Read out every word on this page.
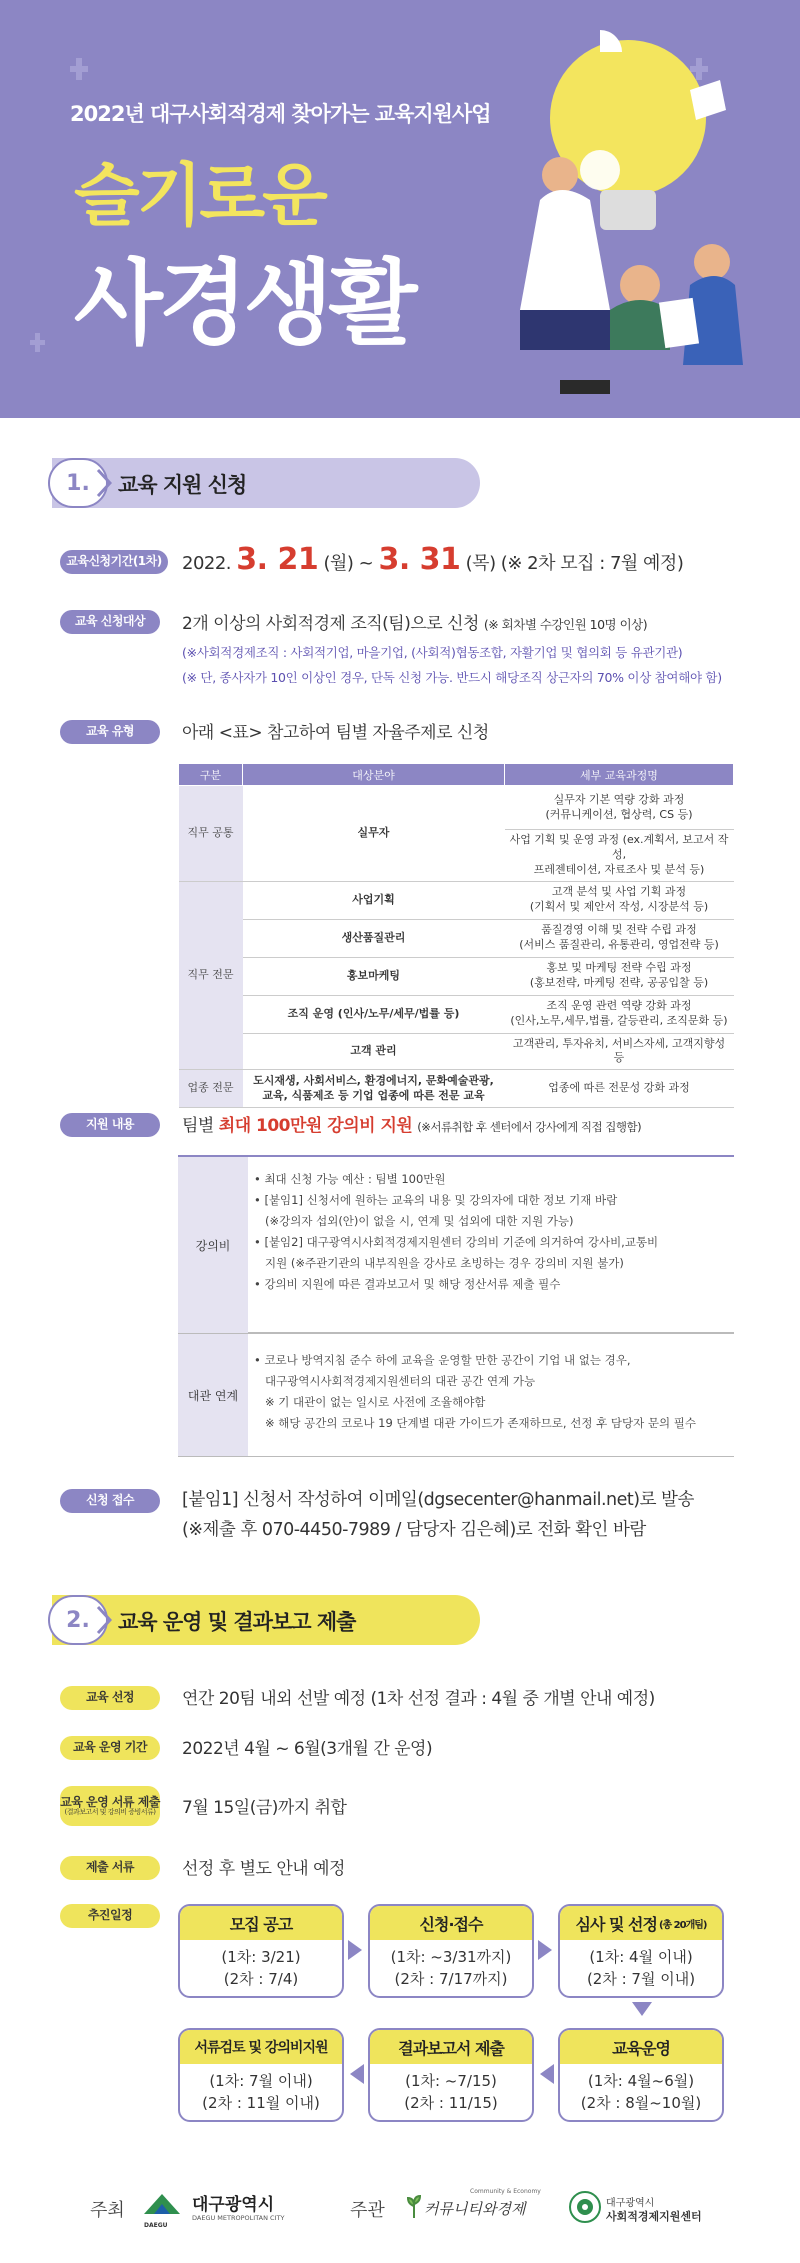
2022년 대구사회적경제 찾아가는 교육지원사업
슬기로운
사경생활
1.	교육 지원 신청
교육신청기간(1차)	2022. 3. 21 (월) ~ 3. 31 (목) (※ 2차 모집 : 7월 예정)
교육 신청대상	2개 이상의 사회적경제 조직(팀)으로 신청 (※ 회차별 수강인원 10명 이상)
(※사회적경제조직 : 사회적기업, 마을기업, (사회적)협동조합, 자활기업 및 협의회 등 유관기관)
(※ 단, 종사자가 10인 이상인 경우, 단독 신청 가능. 반드시 해당조직 상근자의 70% 이상 참여해야 함)
교육 유형	아래 <표> 참고하여 팀별 자율주제로 신청
구분	대상분야	세부 교육과정명
직무 공통	실무자	실무자 기본 역량 강화 과정
(커뮤니케이션, 협상력, CS 등)
		사업 기획 및 운영 과정 (ex.계획서, 보고서 작성,
프레젠테이션, 자료조사 및 분석 등)
직무 전문	사업기획	고객 분석 및 사업 기획 과정
(기획서 및 제안서 작성, 시장분석 등)
	생산품질관리	품질경영 이해 및 전략 수립 과정
(서비스 품질관리, 유통관리, 영업전략 등)
	홍보마케팅	홍보 및 마케팅 전략 수립 과정
(홍보전략, 마케팅 전략, 공공입찰 등)
	조직 운영 (인사/노무/세무/법률 등)	조직 운영 관련 역량 강화 과정
(인사,노무,세무,법률, 갈등관리, 조직문화 등)
	고객 관리	고객관리, 투자유치, 서비스자세, 고객지향성 등
업종 전문	도시재생, 사회서비스, 환경에너지, 문화예술관광,
교육, 식품제조 등 기업 업종에 따른 전문 교육	업종에 따른 전문성 강화 과정
지원 내용	팀별 최대 100만원 강의비 지원 (※서류취합 후 센터에서 강사에게 직접 집행함)
강의비
• 최대 신청 가능 예산 : 팀별 100만원
• [붙임1] 신청서에 원하는 교육의 내용 및 강의자에 대한 정보 기재 바람
(※강의자 섭외(안)이 없을 시, 연계 및 섭외에 대한 지원 가능)
• [붙임2] 대구광역시사회적경제지원센터 강의비 기준에 의거하여 강사비,교통비
지원 (※주관기관의 내부직원을 강사로 초빙하는 경우 강의비 지원 불가)
• 강의비 지원에 따른 결과보고서 및 해당 정산서류 제출 필수
대관 연계
• 코로나 방역지침 준수 하에 교육을 운영할 만한 공간이 기업 내 없는 경우,
대구광역시사회적경제지원센터의 대관 공간 연계 가능
※ 기 대관이 없는 일시로 사전에 조율해야함
※ 해당 공간의 코로나 19 단계별 대관 가이드가 존재하므로, 선정 후 담당자 문의 필수
신청 접수	[붙임1] 신청서 작성하여 이메일(dgsecenter@hanmail.net)로 발송
(※제출 후 070-4450-7989 / 담당자 김은혜)로 전화 확인 바람
2.	교육 운영 및 결과보고 제출
교육 선정	연간 20팀 내외 선발 예정 (1차 선정 결과 : 4월 중 개별 안내 예정)
교육 운영 기간	2022년 4월 ~ 6월(3개월 간 운영)
교육 운영 서류 제출
(결과보고서 및 강의비 증빙서류) 7월 15일(금)까지 취합
제출 서류	선정 후 별도 안내 예정
추진일정	모집 공고
(1차: 3/21)
(2차 : 7/4)
신청·접수
(1차: ~3/31까지)
(2차 : 7/17까지)
심사 및 선정 (총 20개팀)
(1차: 4월 이내)
(2차 : 7월 이내)
서류검토 및 강의비지원
(1차: 7월 이내)
(2차 : 11월 이내)
결과보고서 제출
(1차: ~7/15)
(2차 : 11/15)
교육운영
(1차: 4월~6월)
(2차 : 8월~10월)
주최
DAEGU
대구광역시
DAEGU METROPOLITAN CITY	주관
Community & Economy
커뮤니티와경제	대구광역시
사회적경제지원센터
